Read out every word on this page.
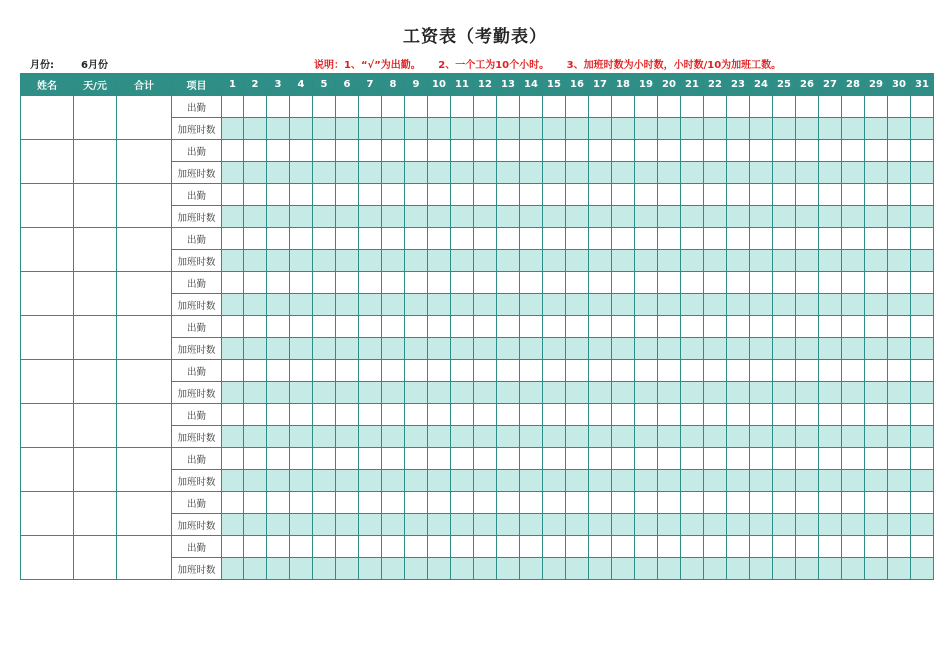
工资表（考勤表）
月份:	6月份	说明：1、“√”为出勤。 2、一个工为10个小时。 3、加班时数为小时数，小时数/10为加班工数。
姓名	天/元	合计	项目	1	2	3	4	5	6	7	8	9	10	11	12	13	14	15	16	17	18	19	20	21	22	23	24	25	26	27	28	29	30	31
			出勤																															
			加班时数																															
			出勤																															
			加班时数																															
			出勤																															
			加班时数																															
			出勤																															
			加班时数																															
			出勤																															
			加班时数																															
			出勤																															
			加班时数																															
			出勤																															
			加班时数																															
			出勤																															
			加班时数																															
			出勤																															
			加班时数																															
			出勤																															
			加班时数																															
			出勤																															
			加班时数																															
